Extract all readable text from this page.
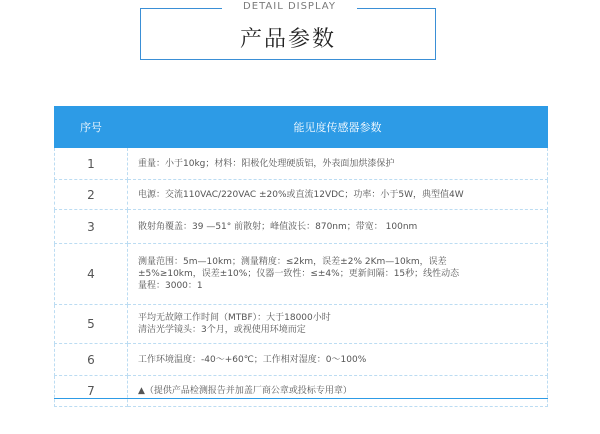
DETAIL DISPLAY
产品参数
序号	能见度传感器参数
1	重量：小于10kg；材料：阳极化处理硬质铝，外表面加烘漆保护

2	电源：交流110VAC/220VAC ±20%或直流12VDC；功率：小于5W，典型值4W

3	散射角覆盖：39 —51° 前散射；峰值波长：870nm；带宽： 100nm

4	测量范围：5m—10km；测量精度：≤2km，误差±2% 2Km—10km，误差
±5%≥10km，误差±10%；仪器一致性：≤±4%；更新间隔：15秒；线性动态
量程：3000：1

5	平均无故障工作时间（MTBF）：大于18000小时
清洁光学镜头：3个月，或视使用环境而定

6	工作环境温度：-40～+60℃；工作相对湿度：0～100%

7	▲（提供产品检测报告并加盖厂商公章或投标专用章）
